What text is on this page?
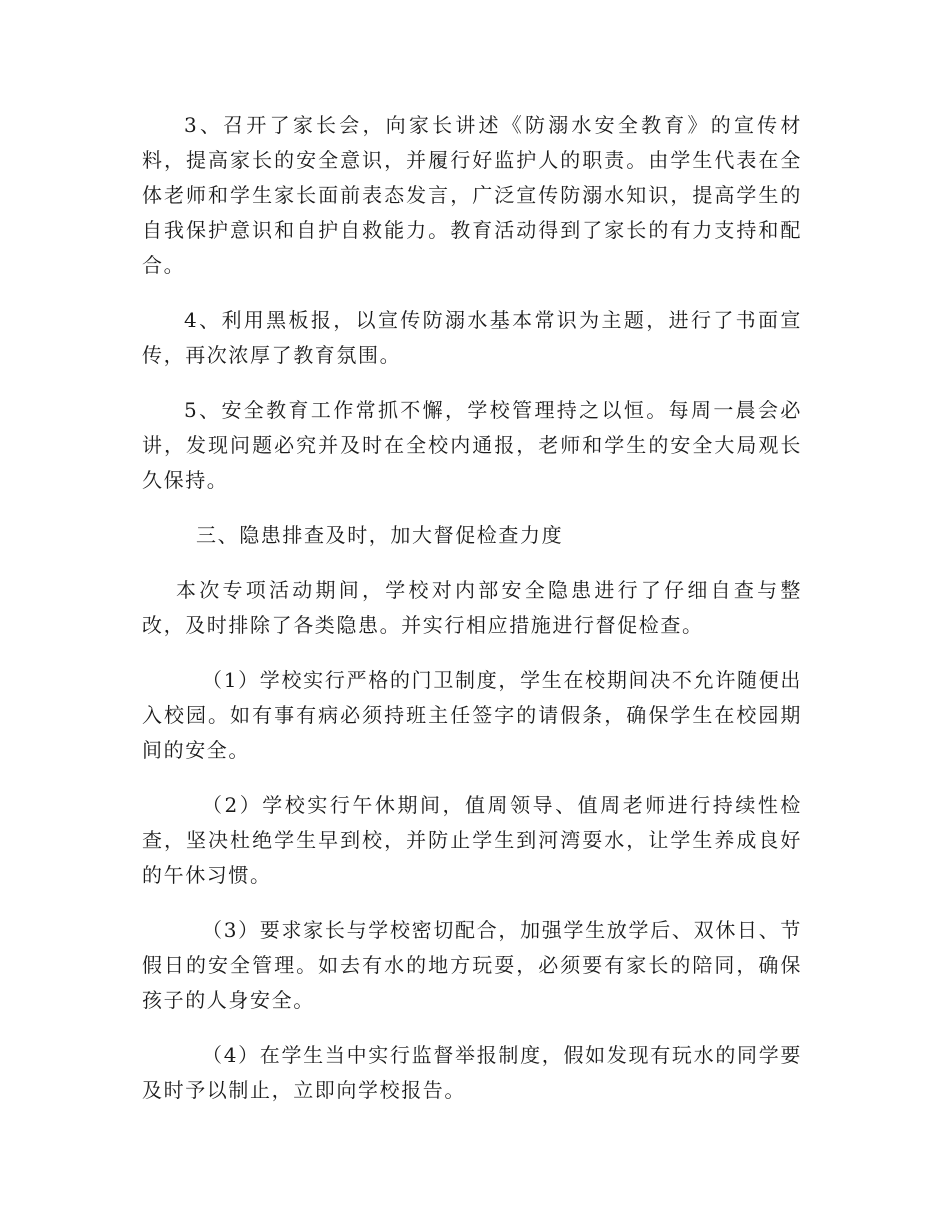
3、召开了家长会，向家长讲述《防溺水安全教育》的宣传材料，提高家长的安全意识，并履行好监护人的职责。由学生代表在全体老师和学生家长面前表态发言，广泛宣传防溺水知识，提高学生的自我保护意识和自护自救能力。教育活动得到了家长的有力支持和配合。

4、利用黑板报，以宣传防溺水基本常识为主题，进行了书面宣传，再次浓厚了教育氛围。

5、安全教育工作常抓不懈，学校管理持之以恒。每周一晨会必讲，发现问题必究并及时在全校内通报，老师和学生的安全大局观长久保持。

三、隐患排查及时，加大督促检查力度

本次专项活动期间，学校对内部安全隐患进行了仔细自查与整改，及时排除了各类隐患。并实行相应措施进行督促检查。

（1）学校实行严格的门卫制度，学生在校期间决不允许随便出入校园。如有事有病必须持班主任签字的请假条，确保学生在校园期间的安全。

（2）学校实行午休期间，值周领导、值周老师进行持续性检查，坚决杜绝学生早到校，并防止学生到河湾耍水，让学生养成良好的午休习惯。

（3）要求家长与学校密切配合，加强学生放学后、双休日、节假日的安全管理。如去有水的地方玩耍，必须要有家长的陪同，确保孩子的人身安全。

（4）在学生当中实行监督举报制度，假如发现有玩水的同学要及时予以制止，立即向学校报告。
